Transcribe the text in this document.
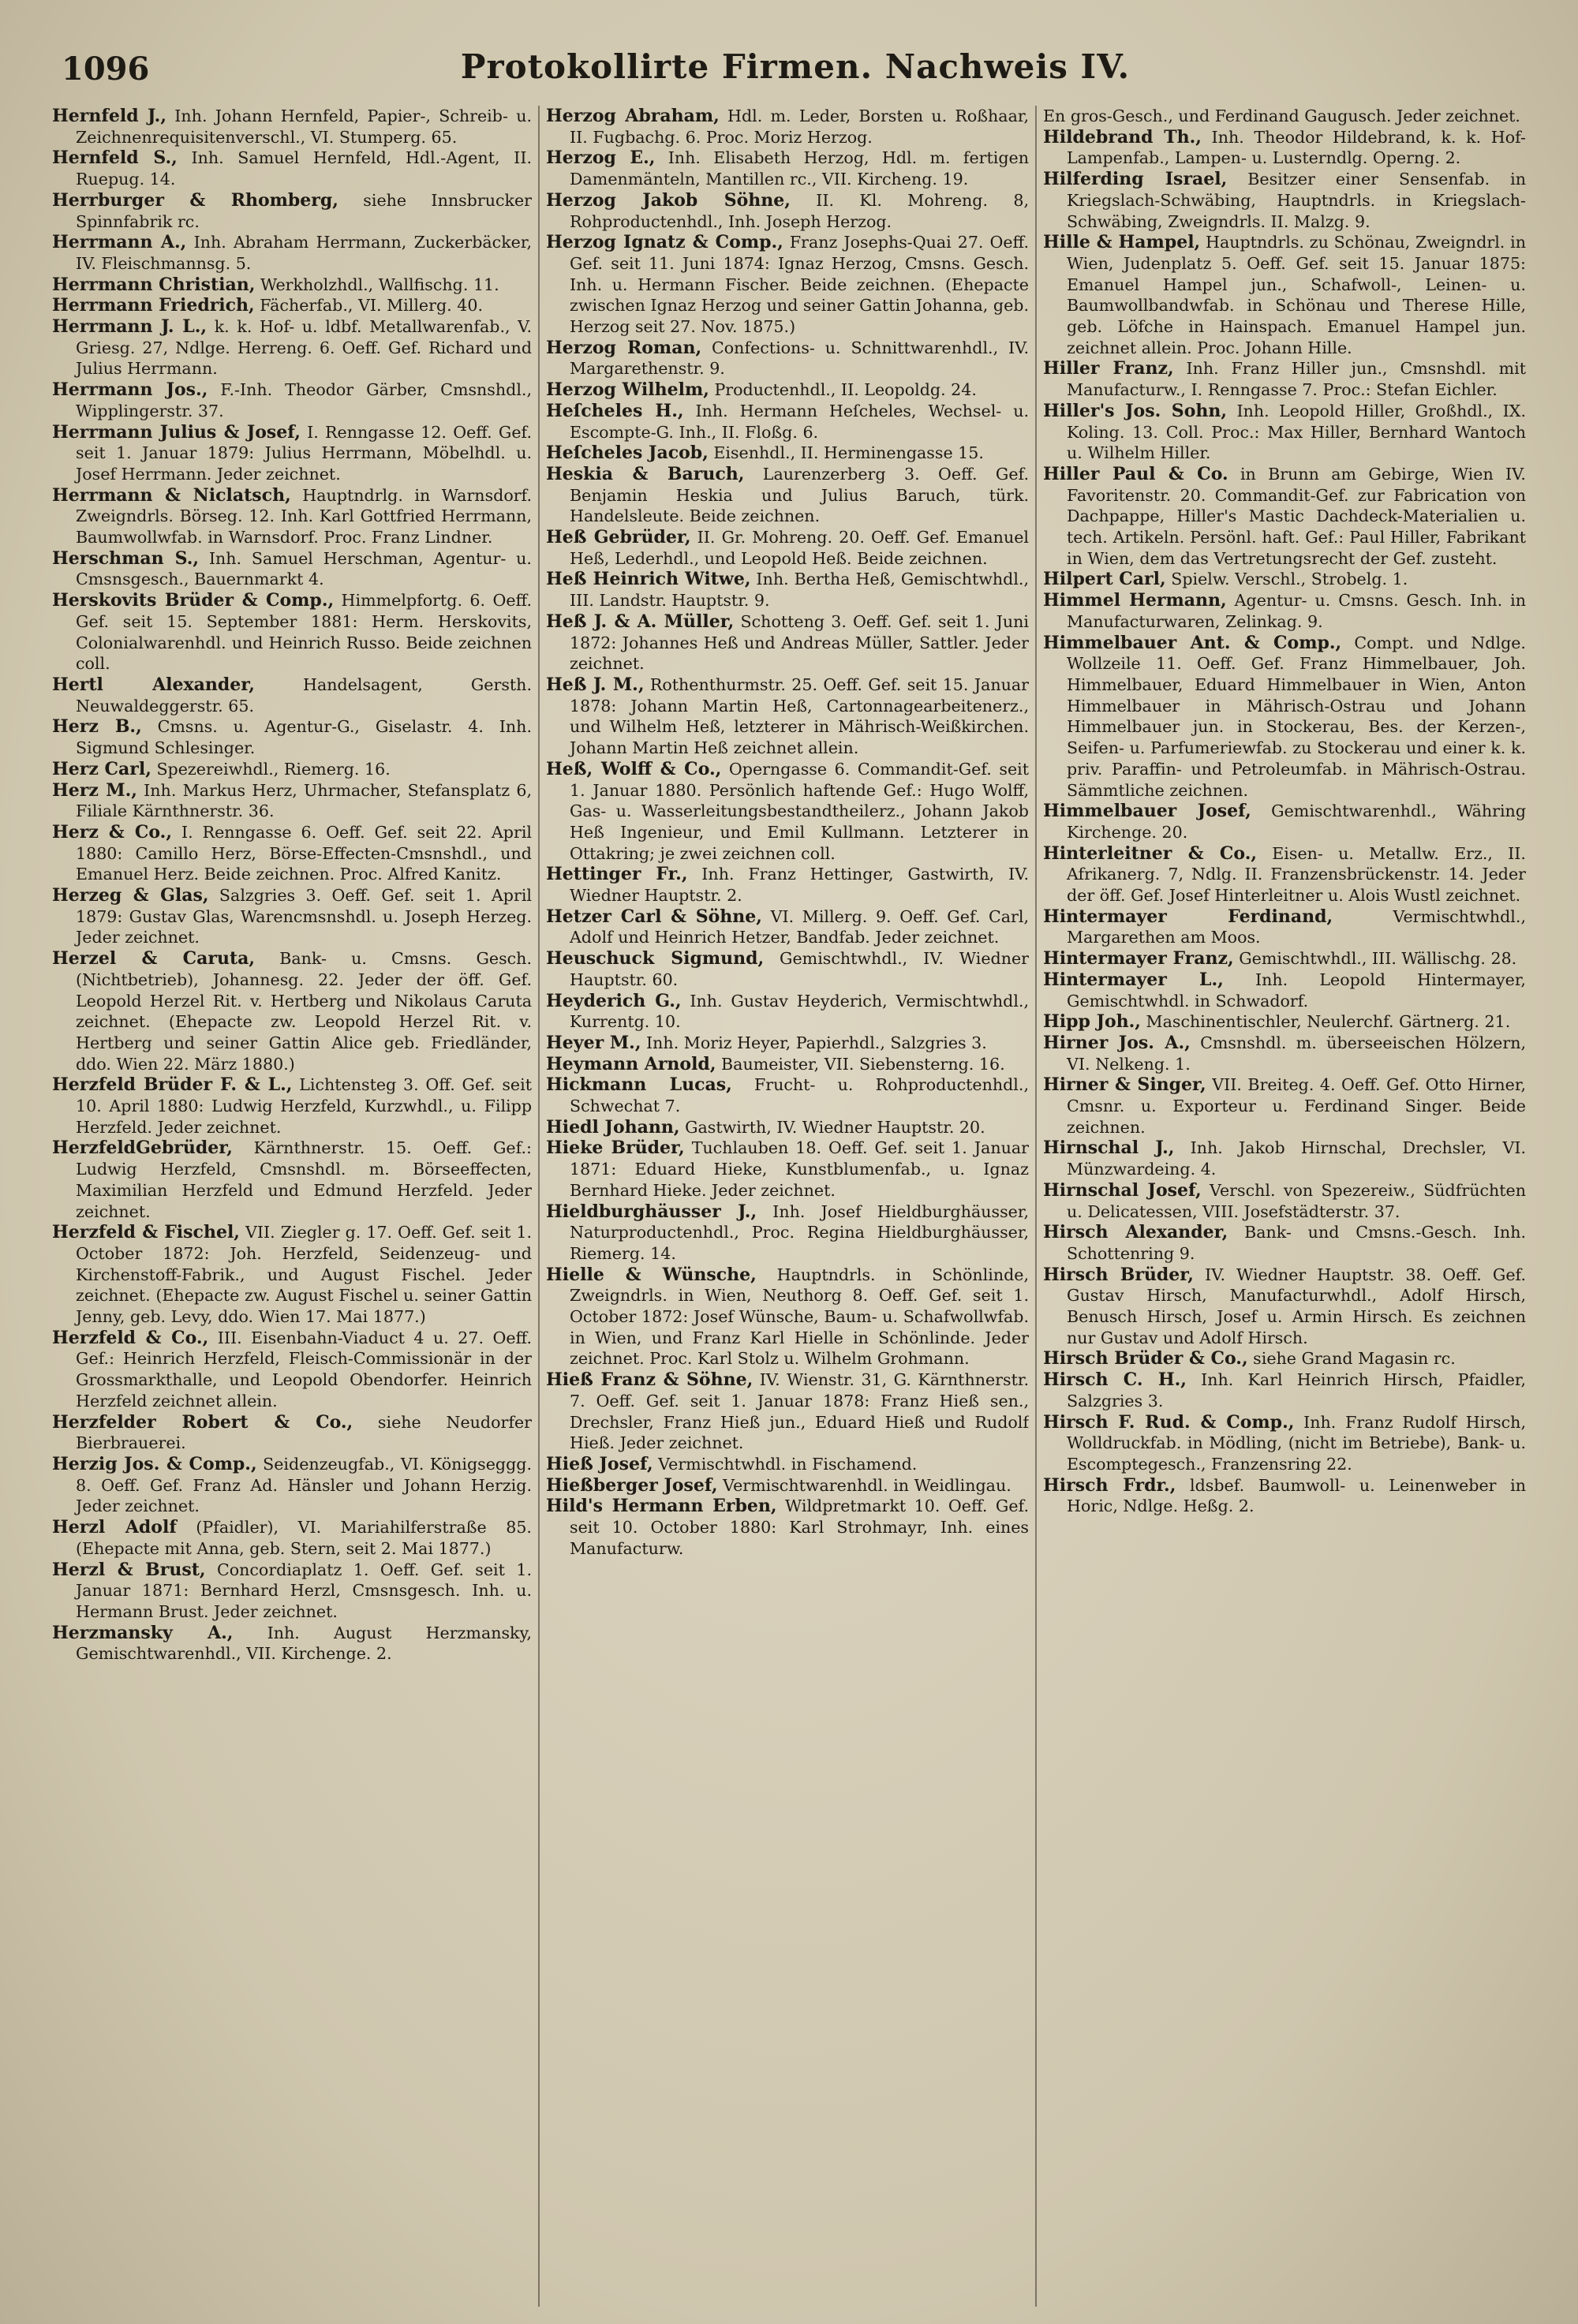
1096	Protokollirte Firmen. Nachweis IV.

Hernfeld J., Inh. Johann Hernfeld, Papier-, Schreib- u. Zeichnenrequisitenverschl., VI. Stumperg. 65.

Hernfeld S., Inh. Samuel Hernfeld, Hdl.-Agent, II. Ruepug. 14.

Herrburger & Rhomberg, siehe Innsbrucker Spinnfabrik rc.

Herrmann A., Inh. Abraham Herrmann, Zuckerbäcker, IV. Fleischmannsg. 5.

Herrmann Christian, Werkholzhdl., Wallfischg. 11.

Herrmann Friedrich, Fächerfab., VI. Millerg. 40.

Herrmann J. L., k. k. Hof- u. ldbf. Metallwarenfab., V. Griesg. 27, Ndlge. Herreng. 6. Oeff. Gef. Richard und Julius Herrmann.

Herrmann Jos., F.-Inh. Theodor Gärber, Cmsnshdl., Wipplingerstr. 37.

Herrmann Julius & Josef, I. Renngasse 12. Oeff. Gef. seit 1. Januar 1879: Julius Herrmann, Möbelhdl. u. Josef Herrmann. Jeder zeichnet.

Herrmann & Niclatsch, Hauptndrlg. in Warnsdorf. Zweigndrls. Börseg. 12. Inh. Karl Gottfried Herrmann, Baumwollwfab. in Warnsdorf. Proc. Franz Lindner.

Herschman S., Inh. Samuel Herschman, Agentur- u. Cmsnsgesch., Bauernmarkt 4.

Herskovits Brüder & Comp., Himmelpfortg. 6. Oeff. Gef. seit 15. September 1881: Herm. Herskovits, Colonialwarenhdl. und Heinrich Russo. Beide zeichnen coll.

Hertl Alexander, Handelsagent, Gersth. Neuwaldeggerstr. 65.

Herz B., Cmsns. u. Agentur-G., Giselastr. 4. Inh. Sigmund Schlesinger.

Herz Carl, Spezereiwhdl., Riemerg. 16.

Herz M., Inh. Markus Herz, Uhrmacher, Stefansplatz 6, Filiale Kärnthnerstr. 36.

Herz & Co., I. Renngasse 6. Oeff. Gef. seit 22. April 1880: Camillo Herz, Börse-Effecten-Cmsnshdl., und Emanuel Herz. Beide zeichnen. Proc. Alfred Kanitz.

Herzeg & Glas, Salzgries 3. Oeff. Gef. seit 1. April 1879: Gustav Glas, Warencmsnshdl. u. Joseph Herzeg. Jeder zeichnet.

Herzel & Caruta, Bank- u. Cmsns. Gesch. (Nichtbetrieb), Johannesg. 22. Jeder der öff. Gef. Leopold Herzel Rit. v. Hertberg und Nikolaus Caruta zeichnet. (Ehepacte zw. Leopold Herzel Rit. v. Hertberg und seiner Gattin Alice geb. Friedländer, ddo. Wien 22. März 1880.)

Herzfeld Brüder F. & L., Lichtensteg 3. Off. Gef. seit 10. April 1880: Ludwig Herzfeld, Kurzwhdl., u. Filipp Herzfeld. Jeder zeichnet.

HerzfeldGebrüder, Kärnthnerstr. 15. Oeff. Gef.: Ludwig Herzfeld, Cmsnshdl. m. Börseeffecten, Maximilian Herzfeld und Edmund Herzfeld. Jeder zeichnet.

Herzfeld & Fischel, VII. Ziegler g. 17. Oeff. Gef. seit 1. October 1872: Joh. Herzfeld, Seidenzeug- und Kirchenstoff-Fabrik., und August Fischel. Jeder zeichnet. (Ehepacte zw. August Fischel u. seiner Gattin Jenny, geb. Levy, ddo. Wien 17. Mai 1877.)

Herzfeld & Co., III. Eisenbahn-Viaduct 4 u. 27. Oeff. Gef.: Heinrich Herzfeld, Fleisch-Commissionär in der Grossmarkthalle, und Leopold Obendorfer. Heinrich Herzfeld zeichnet allein.

Herzfelder Robert & Co., siehe Neudorfer Bierbrauerei.

Herzig Jos. & Comp., Seidenzeugfab., VI. Königseggg. 8. Oeff. Gef. Franz Ad. Hänsler und Johann Herzig. Jeder zeichnet.

Herzl Adolf (Pfaidler), VI. Mariahilferstraße 85. (Ehepacte mit Anna, geb. Stern, seit 2. Mai 1877.)

Herzl & Brust, Concordiaplatz 1. Oeff. Gef. seit 1. Januar 1871: Bernhard Herzl, Cmsnsgesch. Inh. u. Hermann Brust. Jeder zeichnet.

Herzmansky A., Inh. August Herzmansky, Gemischtwarenhdl., VII. Kirchenge. 2.

Herzog Abraham, Hdl. m. Leder, Borsten u. Roßhaar, II. Fugbachg. 6. Proc. Moriz Herzog.

Herzog E., Inh. Elisabeth Herzog, Hdl. m. fertigen Damenmänteln, Mantillen rc., VII. Kircheng. 19.

Herzog Jakob Söhne, II. Kl. Mohreng. 8, Rohproductenhdl., Inh. Joseph Herzog.

Herzog Ignatz & Comp., Franz Josephs-Quai 27. Oeff. Gef. seit 11. Juni 1874: Ignaz Herzog, Cmsns. Gesch. Inh. u. Hermann Fischer. Beide zeichnen. (Ehepacte zwischen Ignaz Herzog und seiner Gattin Johanna, geb. Herzog seit 27. Nov. 1875.)

Herzog Roman, Confections- u. Schnittwarenhdl., IV. Margarethenstr. 9.

Herzog Wilhelm, Productenhdl., II. Leopoldg. 24.

Heſcheles H., Inh. Hermann Heſcheles, Wechsel- u. Escompte-G. Inh., II. Floßg. 6.

Heſcheles Jacob, Eisenhdl., II. Herminengasse 15.

Heskia & Baruch, Laurenzerberg 3. Oeff. Gef. Benjamin Heskia und Julius Baruch, türk. Handelsleute. Beide zeichnen.

Heß Gebrüder, II. Gr. Mohreng. 20. Oeff. Gef. Emanuel Heß, Lederhdl., und Leopold Heß. Beide zeichnen.

Heß Heinrich Witwe, Inh. Bertha Heß, Gemischtwhdl., III. Landstr. Hauptstr. 9.

Heß J. & A. Müller, Schotteng 3. Oeff. Gef. seit 1. Juni 1872: Johannes Heß und Andreas Müller, Sattler. Jeder zeichnet.

Heß J. M., Rothenthurmstr. 25. Oeff. Gef. seit 15. Januar 1878: Johann Martin Heß, Cartonnagearbeitenerz., und Wilhelm Heß, letzterer in Mährisch-Weißkirchen. Johann Martin Heß zeichnet allein.

Heß, Wolff & Co., Operngasse 6. Commandit-Gef. seit 1. Januar 1880. Persönlich haftende Gef.: Hugo Wolff, Gas- u. Wasserleitungsbestandtheilerz., Johann Jakob Heß Ingenieur, und Emil Kullmann. Letzterer in Ottakring; je zwei zeichnen coll.

Hettinger Fr., Inh. Franz Hettinger, Gastwirth, IV. Wiedner Hauptstr. 2.

Hetzer Carl & Söhne, VI. Millerg. 9. Oeff. Gef. Carl, Adolf und Heinrich Hetzer, Bandfab. Jeder zeichnet.

Heuschuck Sigmund, Gemischtwhdl., IV. Wiedner Hauptstr. 60.

Heyderich G., Inh. Gustav Heyderich, Vermischtwhdl., Kurrentg. 10.

Heyer M., Inh. Moriz Heyer, Papierhdl., Salzgries 3.

Heymann Arnold, Baumeister, VII. Siebensterng. 16.

Hickmann Lucas, Frucht- u. Rohproductenhdl., Schwechat 7.

Hiedl Johann, Gastwirth, IV. Wiedner Hauptstr. 20.

Hieke Brüder, Tuchlauben 18. Oeff. Gef. seit 1. Januar 1871: Eduard Hieke, Kunstblumenfab., u. Ignaz Bernhard Hieke. Jeder zeichnet.

Hieldburghäusser J., Inh. Josef Hieldburghäusser, Naturproductenhdl., Proc. Regina Hieldburghäusser, Riemerg. 14.

Hielle & Wünsche, Hauptndrls. in Schönlinde, Zweigndrls. in Wien, Neuthorg 8. Oeff. Gef. seit 1. October 1872: Josef Wünsche, Baum- u. Schafwollwfab. in Wien, und Franz Karl Hielle in Schönlinde. Jeder zeichnet. Proc. Karl Stolz u. Wilhelm Grohmann.

Hieß Franz & Söhne, IV. Wienstr. 31, G. Kärnthnerstr. 7. Oeff. Gef. seit 1. Januar 1878: Franz Hieß sen., Drechsler, Franz Hieß jun., Eduard Hieß und Rudolf Hieß. Jeder zeichnet.

Hieß Josef, Vermischtwhdl. in Fischamend.

Hießberger Josef, Vermischtwarenhdl. in Weidlingau.

Hild's Hermann Erben, Wildpretmarkt 10. Oeff. Gef. seit 10. October 1880: Karl Strohmayr, Inh. eines Manufacturw.

En gros-Gesch., und Ferdinand Gaugusch. Jeder zeichnet.

Hildebrand Th., Inh. Theodor Hildebrand, k. k. Hof-Lampenfab., Lampen- u. Lusterndlg. Operng. 2.

Hilferding Israel, Besitzer einer Sensenfab. in Kriegslach-Schwäbing, Hauptndrls. in Kriegslach-Schwäbing, Zweigndrls. II. Malzg. 9.

Hille & Hampel, Hauptndrls. zu Schönau, Zweigndrl. in Wien, Judenplatz 5. Oeff. Gef. seit 15. Januar 1875: Emanuel Hampel jun., Schafwoll-, Leinen- u. Baumwollbandwfab. in Schönau und Therese Hille, geb. Löfche in Hainspach. Emanuel Hampel jun. zeichnet allein. Proc. Johann Hille.

Hiller Franz, Inh. Franz Hiller jun., Cmsnshdl. mit Manufacturw., I. Renngasse 7. Proc.: Stefan Eichler.

Hiller's Jos. Sohn, Inh. Leopold Hiller, Großhdl., IX. Koling. 13. Coll. Proc.: Max Hiller, Bernhard Wantoch u. Wilhelm Hiller.

Hiller Paul & Co. in Brunn am Gebirge, Wien IV. Favoritenstr. 20. Commandit-Gef. zur Fabrication von Dachpappe, Hiller's Mastic Dachdeck-Materialien u. tech. Artikeln. Persönl. haft. Gef.: Paul Hiller, Fabrikant in Wien, dem das Vertretungsrecht der Gef. zusteht.

Hilpert Carl, Spielw. Verschl., Strobelg. 1.

Himmel Hermann, Agentur- u. Cmsns. Gesch. Inh. in Manufacturwaren, Zelinkag. 9.

Himmelbauer Ant. & Comp., Compt. und Ndlge. Wollzeile 11. Oeff. Gef. Franz Himmelbauer, Joh. Himmelbauer, Eduard Himmelbauer in Wien, Anton Himmelbauer in Mährisch-Ostrau und Johann Himmelbauer jun. in Stockerau, Bes. der Kerzen-, Seifen- u. Parfumeriewfab. zu Stockerau und einer k. k. priv. Paraffin- und Petroleumfab. in Mährisch-Ostrau. Sämmtliche zeichnen.

Himmelbauer Josef, Gemischtwarenhdl., Währing Kirchenge. 20.

Hinterleitner & Co., Eisen- u. Metallw. Erz., II. Afrikanerg. 7, Ndlg. II. Franzensbrückenstr. 14. Jeder der öff. Gef. Josef Hinterleitner u. Alois Wustl zeichnet.

Hintermayer Ferdinand, Vermischtwhdl., Margarethen am Moos.

Hintermayer Franz, Gemischtwhdl., III. Wällischg. 28.

Hintermayer L., Inh. Leopold Hintermayer, Gemischtwhdl. in Schwadorf.

Hipp Joh., Maschinentischler, Neulerchf. Gärtnerg. 21.

Hirner Jos. A., Cmsnshdl. m. überseeischen Hölzern, VI. Nelkeng. 1.

Hirner & Singer, VII. Breiteg. 4. Oeff. Gef. Otto Hirner, Cmsnr. u. Exporteur u. Ferdinand Singer. Beide zeichnen.

Hirnschal J., Inh. Jakob Hirnschal, Drechsler, VI. Münzwardeing. 4.

Hirnschal Josef, Verschl. von Spezereiw., Südfrüchten u. Delicatessen, VIII. Josefstädterstr. 37.

Hirsch Alexander, Bank- und Cmsns.-Gesch. Inh. Schottenring 9.

Hirsch Brüder, IV. Wiedner Hauptstr. 38. Oeff. Gef. Gustav Hirsch, Manufacturwhdl., Adolf Hirsch, Benusch Hirsch, Josef u. Armin Hirsch. Es zeichnen nur Gustav und Adolf Hirsch.

Hirsch Brüder & Co., siehe Grand Magasin rc.

Hirsch C. H., Inh. Karl Heinrich Hirsch, Pfaidler, Salzgries 3.

Hirsch F. Rud. & Comp., Inh. Franz Rudolf Hirsch, Wolldruckfab. in Mödling, (nicht im Betriebe), Bank- u. Escomptegesch., Franzensring 22.

Hirsch Frdr., ldsbef. Baumwoll- u. Leinenweber in Horic, Ndlge. Heßg. 2.
